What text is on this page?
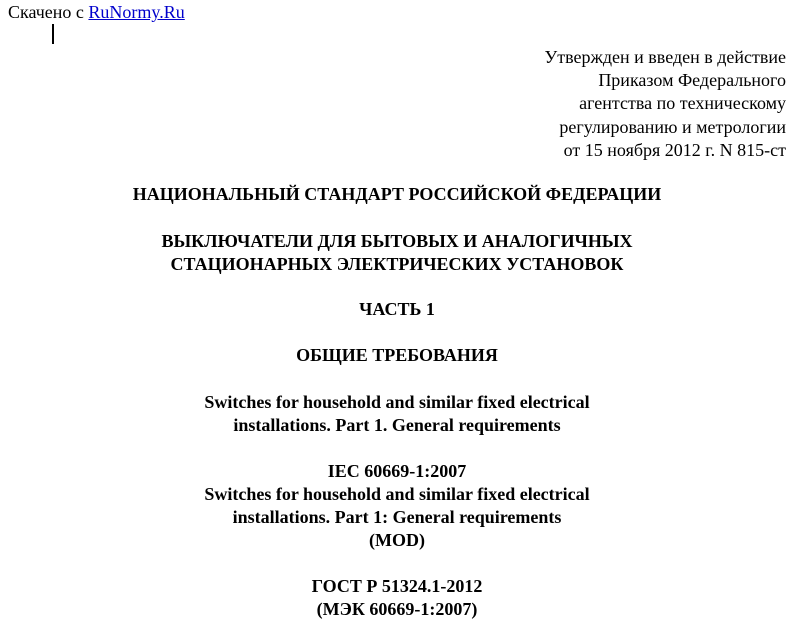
Скачено с RuNormy.Ru
Утвержден и введен в действие
Приказом Федерального
агентства по техническому
регулированию и метрологии
от 15 ноября 2012 г. N 815-ст
НАЦИОНАЛЬНЫЙ СТАНДАРТ РОССИЙСКОЙ ФЕДЕРАЦИИ
ВЫКЛЮЧАТЕЛИ ДЛЯ БЫТОВЫХ И АНАЛОГИЧНЫХ
СТАЦИОНАРНЫХ ЭЛЕКТРИЧЕСКИХ УСТАНОВОК
ЧАСТЬ 1
ОБЩИЕ ТРЕБОВАНИЯ
Switches for household and similar fixed electrical
installations. Part 1. General requirements
IEC 60669-1:2007
Switches for household and similar fixed electrical
installations. Part 1: General requirements
(MOD)
ГОСТ Р 51324.1-2012
(МЭК 60669-1:2007)
